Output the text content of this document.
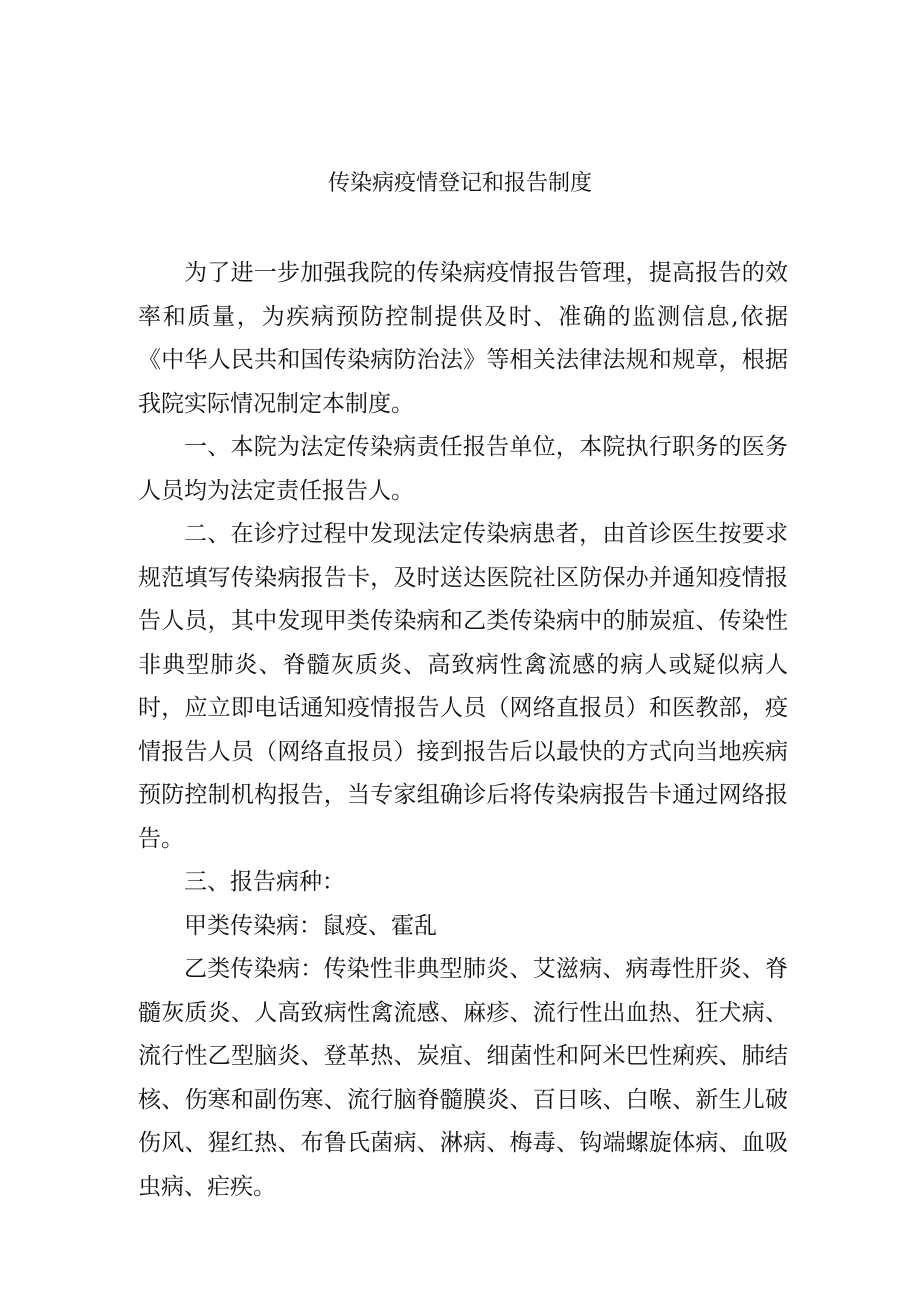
传染病疫情登记和报告制度

为了进一步加强我院的传染病疫情报告管理，提高报告的效率和质量，为疾病预防控制提供及时、准确的监测信息,依据《中华人民共和国传染病防治法》等相关法律法规和规章，根据我院实际情况制定本制度。

一、本院为法定传染病责任报告单位，本院执行职务的医务人员均为法定责任报告人。

二、在诊疗过程中发现法定传染病患者，由首诊医生按要求规范填写传染病报告卡，及时送达医院社区防保办并通知疫情报告人员，其中发现甲类传染病和乙类传染病中的肺炭疽、传染性非典型肺炎、脊髓灰质炎、高致病性禽流感的病人或疑似病人时，应立即电话通知疫情报告人员（网络直报员）和医教部，疫情报告人员（网络直报员）接到报告后以最快的方式向当地疾病预防控制机构报告，当专家组确诊后将传染病报告卡通过网络报告。

三、报告病种：

甲类传染病：鼠疫、霍乱

乙类传染病：传染性非典型肺炎、艾滋病、病毒性肝炎、脊髓灰质炎、人高致病性禽流感、麻疹、流行性出血热、狂犬病、流行性乙型脑炎、登革热、炭疽、细菌性和阿米巴性痢疾、肺结核、伤寒和副伤寒、流行脑脊髓膜炎、百日咳、白喉、新生儿破伤风、猩红热、布鲁氏菌病、淋病、梅毒、钩端螺旋体病、血吸虫病、疟疾。
